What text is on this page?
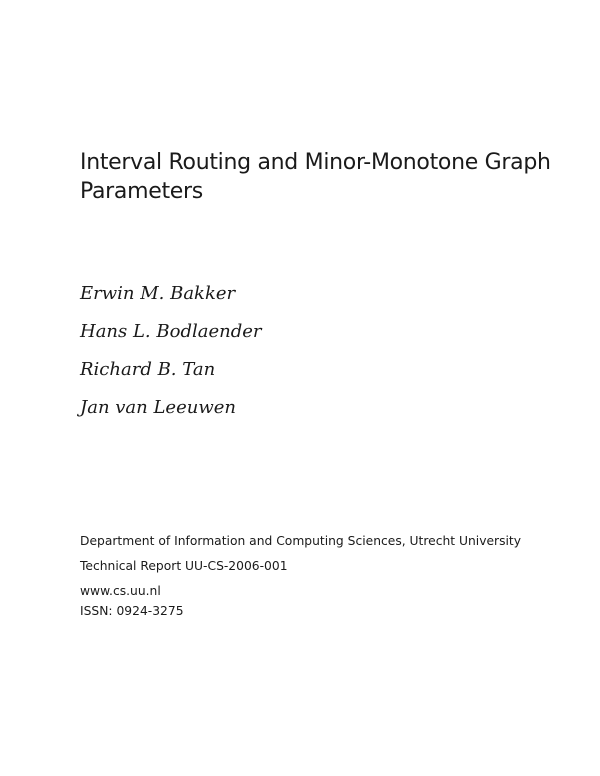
Interval Routing and Minor-Monotone Graph
Parameters
Erwin M. Bakker
Hans L. Bodlaender
Richard B. Tan
Jan van Leeuwen
Department of Information and Computing Sciences, Utrecht University
Technical Report UU-CS-2006-001
www.cs.uu.nl
ISSN: 0924-3275
